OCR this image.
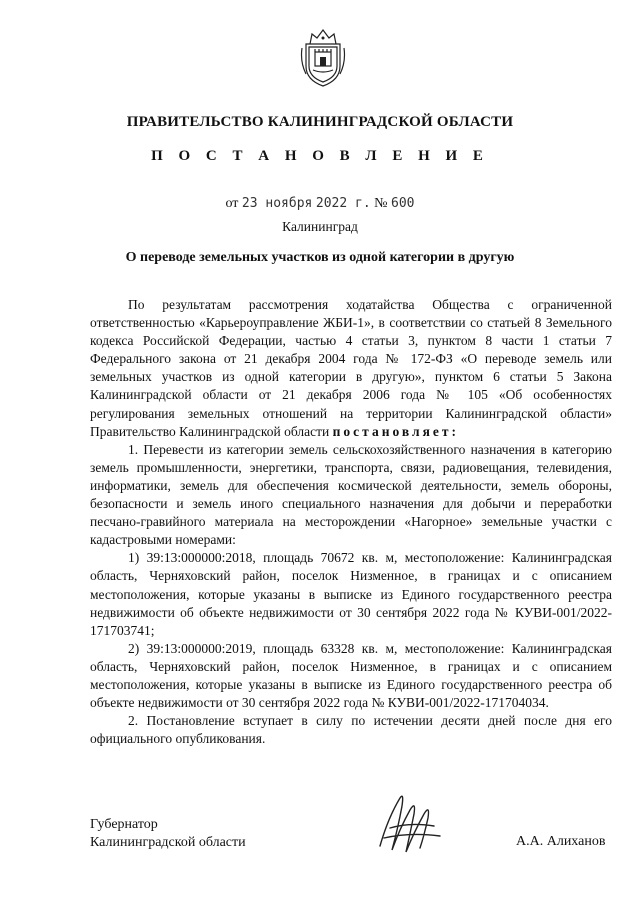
ПРАВИТЕЛЬСТВО КАЛИНИНГРАДСКОЙ ОБЛАСТИ
П О С Т А Н О В Л Е Н И Е
от 23 ноября 2022 г. № 600
Калининград
О переводе земельных участков из одной категории в другую

По результатам рассмотрения ходатайства Общества с ограниченной ответственностью «Карьероуправление ЖБИ-1», в соответствии со статьей 8 Земельного кодекса Российской Федерации, частью 4 статьи 3, пунктом 8 части 1 статьи 7 Федерального закона от 21 декабря 2004 года № 172-ФЗ «О переводе земель или земельных участков из одной категории в другую», пунктом 6 статьи 5 Закона Калининградской области от 21 декабря 2006 года № 105 «Об особенностях регулирования земельных отношений на территории Калининградской области» Правительство Калининградской области постановляет:

1. Перевести из категории земель сельскохозяйственного назначения в категорию земель промышленности, энергетики, транспорта, связи, радиовещания, телевидения, информатики, земель для обеспечения космической деятельности, земель обороны, безопасности и земель иного специального назначения для добычи и переработки песчано-гравийного материала на месторождении «Нагорное» земельные участки с кадастровыми номерами:

1) 39:13:000000:2018, площадь 70672 кв. м, местоположение: Калининградская область, Черняховский район, поселок Низменное, в границах и с описанием местоположения, которые указаны в выписке из Единого государственного реестра недвижимости об объекте недвижимости от 30 сентября 2022 года № КУВИ-001/2022-171703741;

2) 39:13:000000:2019, площадь 63328 кв. м, местоположение: Калининградская область, Черняховский район, поселок Низменное, в границах и с описанием местоположения, которые указаны в выписке из Единого государственного реестра об объекте недвижимости от 30 сентября 2022 года № КУВИ-001/2022-171704034.

2. Постановление вступает в силу по истечении десяти дней после дня его официального опубликования.

Губернатор
Калининградской области	А.А. Алиханов
